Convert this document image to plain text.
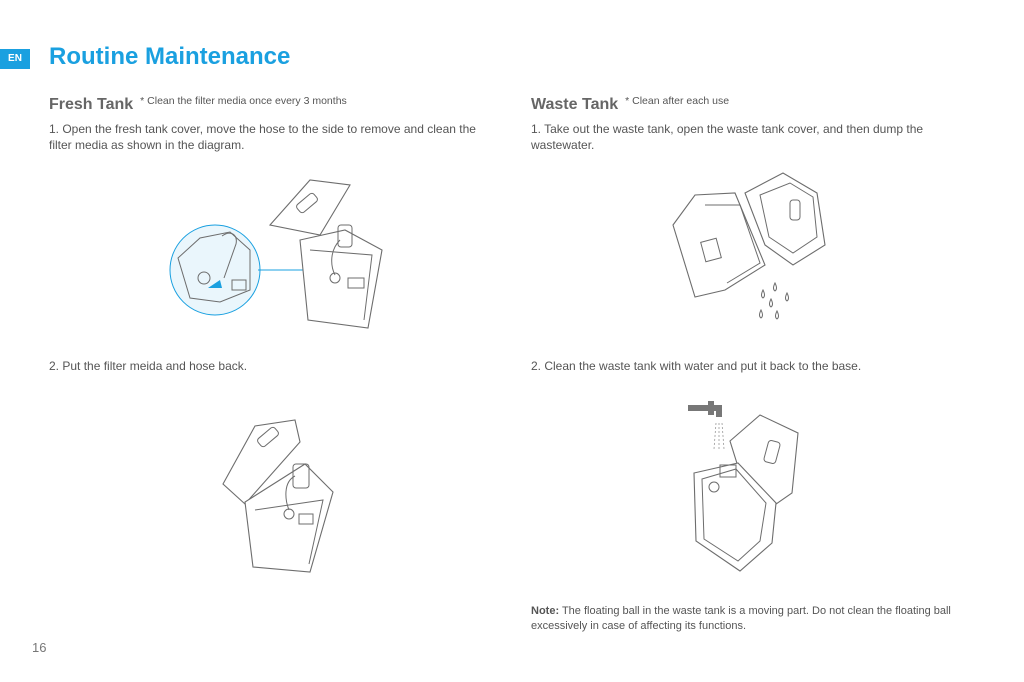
EN	Routine Maintenance
Fresh Tank * Clean the filter media once every 3 months

1. Open the fresh tank cover, move the hose to the side to remove and clean the filter media as shown in the diagram.

Waste Tank * Clean after each use

1. Take out the waste tank, open the waste tank cover, and then dump the wastewater.

2. Put the filter meida and hose back.	2. Clean the waste tank with water and put it back to the base.

Note: The floating ball in the waste tank is a moving part. Do not clean the floating ball excessively in case of affecting its functions.

16
